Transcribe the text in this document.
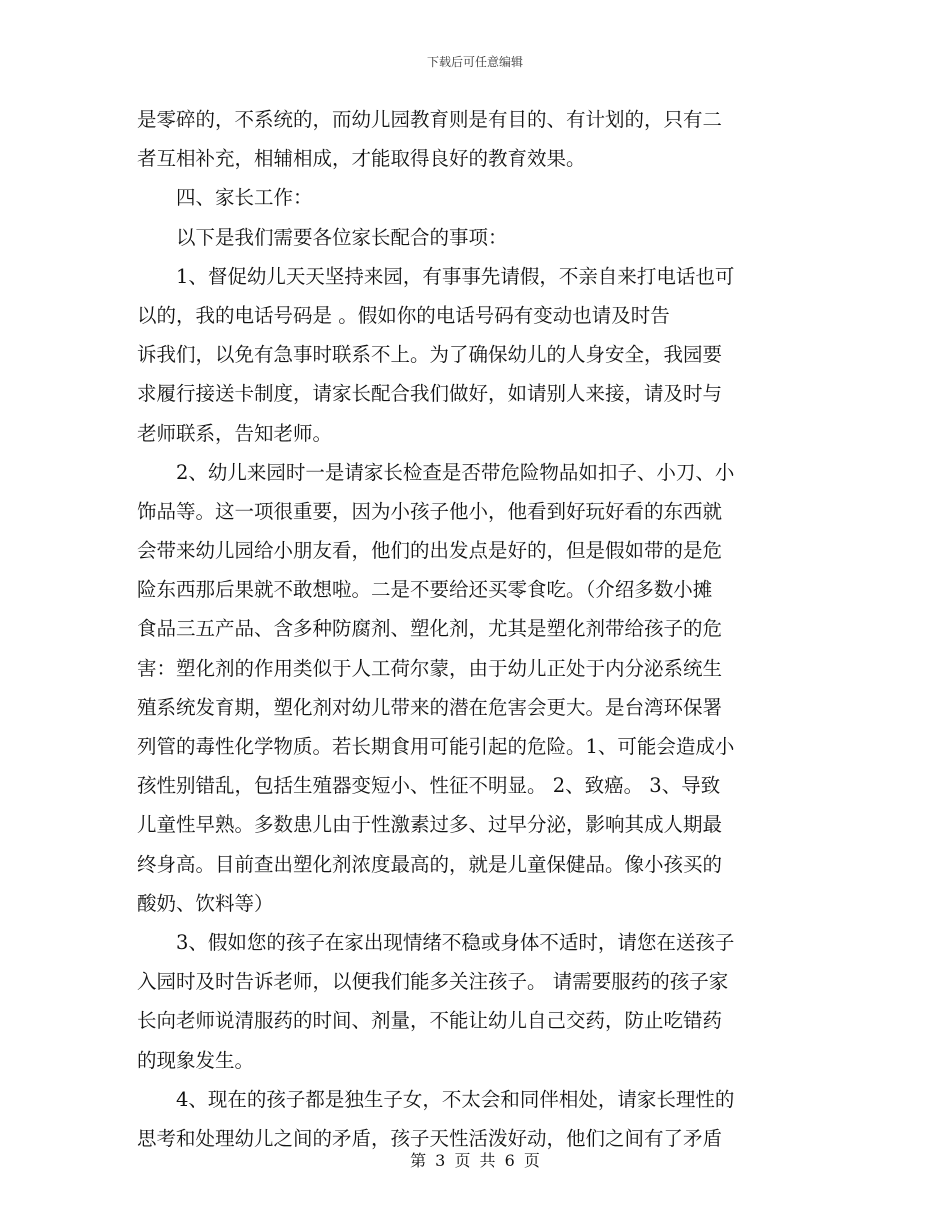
下载后可任意编辑
是零碎的，不系统的，而幼儿园教育则是有目的、有计划的，只有二
者互相补充，相辅相成，才能取得良好的教育效果。
四、家长工作：
以下是我们需要各位家长配合的事项：
1、督促幼儿天天坚持来园，有事事先请假，不亲自来打电话也可
以的，我的电话号码是 。假如你的电话号码有变动也请及时告
诉我们，以免有急事时联系不上。为了确保幼儿的人身安全，我园要
求履行接送卡制度，请家长配合我们做好，如请别人来接，请及时与
老师联系，告知老师。
2、幼儿来园时一是请家长检查是否带危险物品如扣子、小刀、小
饰品等。这一项很重要，因为小孩子他小，他看到好玩好看的东西就
会带来幼儿园给小朋友看，他们的出发点是好的，但是假如带的是危
险东西那后果就不敢想啦。二是不要给还买零食吃。（介绍多数小摊
食品三五产品、含多种防腐剂、塑化剂，尤其是塑化剂带给孩子的危
害：塑化剂的作用类似于人工荷尔蒙，由于幼儿正处于内分泌系统生
殖系统发育期，塑化剂对幼儿带来的潜在危害会更大。是台湾环保署
列管的毒性化学物质。若长期食用可能引起的危险。1、可能会造成小
孩性别错乱，包括生殖器变短小、性征不明显。 2、致癌。 3、导致
儿童性早熟。多数患儿由于性激素过多、过早分泌，影响其成人期最
终身高。目前查出塑化剂浓度最高的，就是儿童保健品。像小孩买的
酸奶、饮料等）
3、假如您的孩子在家出现情绪不稳或身体不适时，请您在送孩子
入园时及时告诉老师，以便我们能多关注孩子。 请需要服药的孩子家
长向老师说清服药的时间、剂量，不能让幼儿自己交药，防止吃错药
的现象发生。
4、现在的孩子都是独生子女，不太会和同伴相处，请家长理性的
思考和处理幼儿之间的矛盾，孩子天性活泼好动，他们之间有了矛盾
第 3 页 共 6 页
